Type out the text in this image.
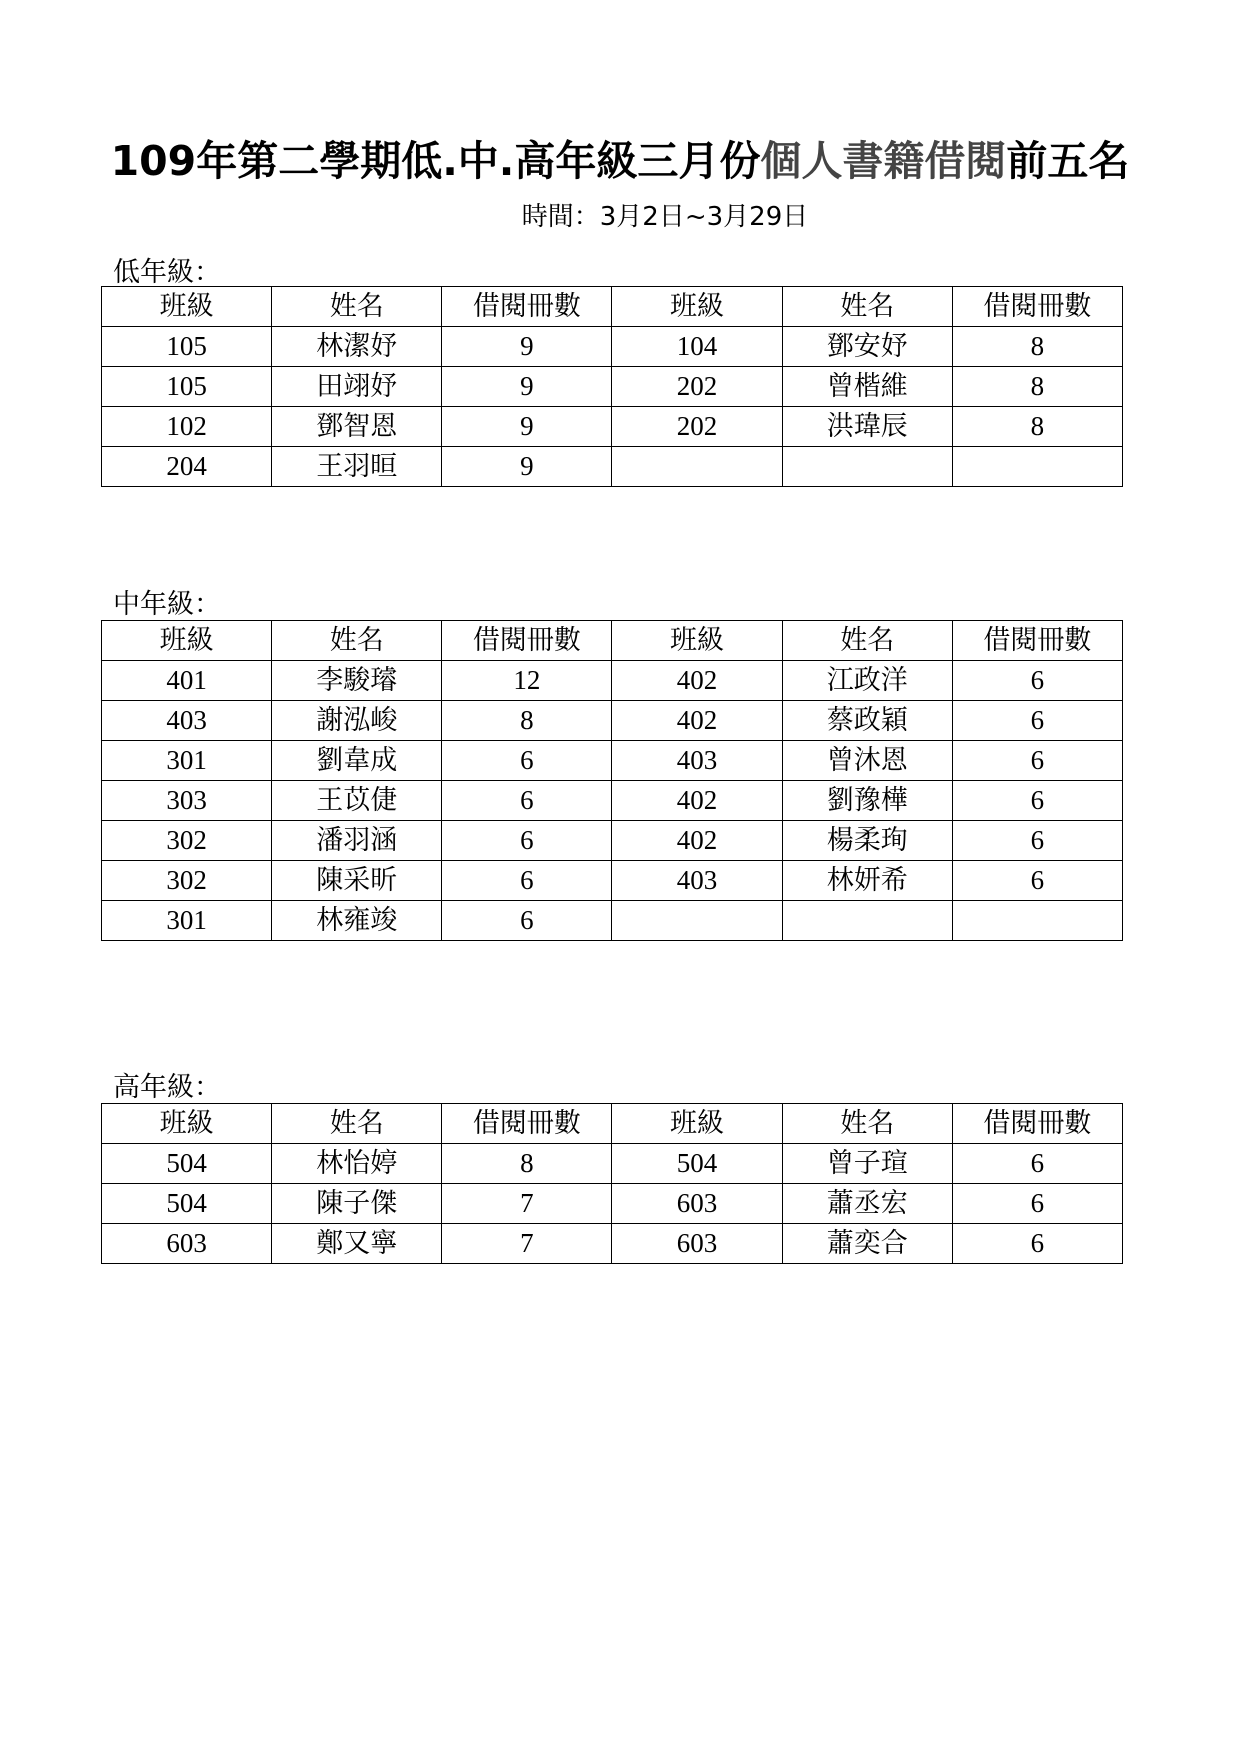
109年第二學期低.中.高年級三月份個人書籍借閱前五名
時間：3月2日~3月29日
低年級：
班級	姓名	借閱冊數	班級	姓名	借閱冊數
105	林潔妤	9	104	鄧安妤	8
105	田翊妤	9	202	曾楷維	8
102	鄧智恩	9	202	洪瑋辰	8
204	王羽晅	9			
中年級：
班級	姓名	借閱冊數	班級	姓名	借閱冊數
401	李駿璿	12	402	江政洋	6
403	謝泓峻	8	402	蔡政穎	6
301	劉韋成	6	403	曾沐恩	6
303	王苡倢	6	402	劉豫樺	6
302	潘羽涵	6	402	楊柔珣	6
302	陳采昕	6	403	林妍希	6
301	林雍竣	6			
高年級：
班級	姓名	借閱冊數	班級	姓名	借閱冊數
504	林怡婷	8	504	曾子瑄	6
504	陳子傑	7	603	蕭丞宏	6
603	鄭又寧	7	603	蕭奕合	6
